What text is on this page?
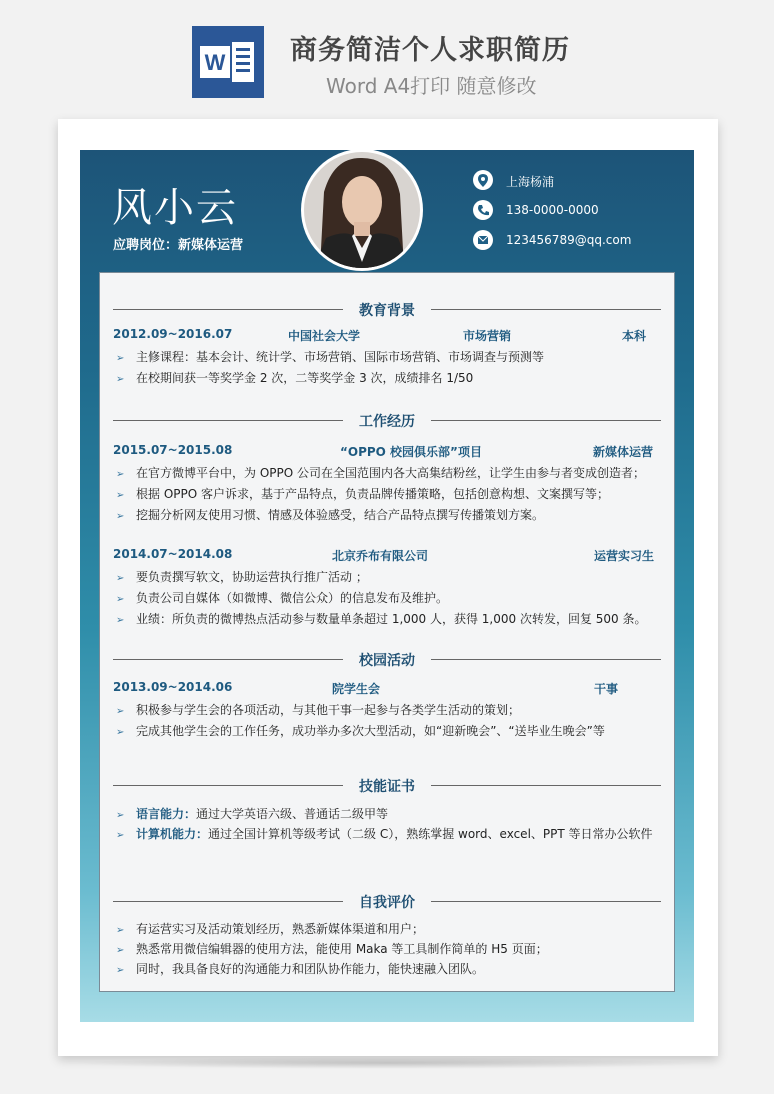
W 商务简洁个人求职简历
Word A4打印 随意修改
风小云
应聘岗位：新媒体运营
上海杨浦
138-0000-0000
123456789@qq.com
教育背景
2012.09~2016.07	中国社会大学	市场营销	本科
➢ 主修课程：基本会计、统计学、市场营销、国际市场营销、市场调查与预测等
➢ 在校期间获一等奖学金 2 次，二等奖学金 3 次，成绩排名 1/50
工作经历
2015.07~2015.08	“OPPO 校园俱乐部”项目	新媒体运营
➢ 在官方微博平台中，为 OPPO 公司在全国范围内各大高集结粉丝，让学生由参与者变成创造者；
➢ 根据 OPPO 客户诉求，基于产品特点，负责品牌传播策略，包括创意构想、文案撰写等；
➢ 挖掘分析网友使用习惯、情感及体验感受，结合产品特点撰写传播策划方案。
2014.07~2014.08	北京乔布有限公司	运营实习生
➢ 要负责撰写软文，协助运营执行推广活动 ；
➢ 负责公司自媒体（如微博、微信公众）的信息发布及维护。
➢ 业绩：所负责的微博热点活动参与数量单条超过 1,000 人，获得 1,000 次转发，回复 500 条。
校园活动
2013.09~2014.06	院学生会	干事
➢ 积极参与学生会的各项活动，与其他干事一起参与各类学生活动的策划；
➢ 完成其他学生会的工作任务，成功举办多次大型活动，如“迎新晚会”、“送毕业生晚会”等
技能证书
➢ 语言能力：通过大学英语六级、普通话二级甲等
➢ 计算机能力：通过全国计算机等级考试（二级 C），熟练掌握 word、excel、PPT 等日常办公软件
自我评价
➢ 有运营实习及活动策划经历，熟悉新媒体渠道和用户；
➢ 熟悉常用微信编辑器的使用方法，能使用 Maka 等工具制作简单的 H5 页面；
➢ 同时，我具备良好的沟通能力和团队协作能力，能快速融入团队。
